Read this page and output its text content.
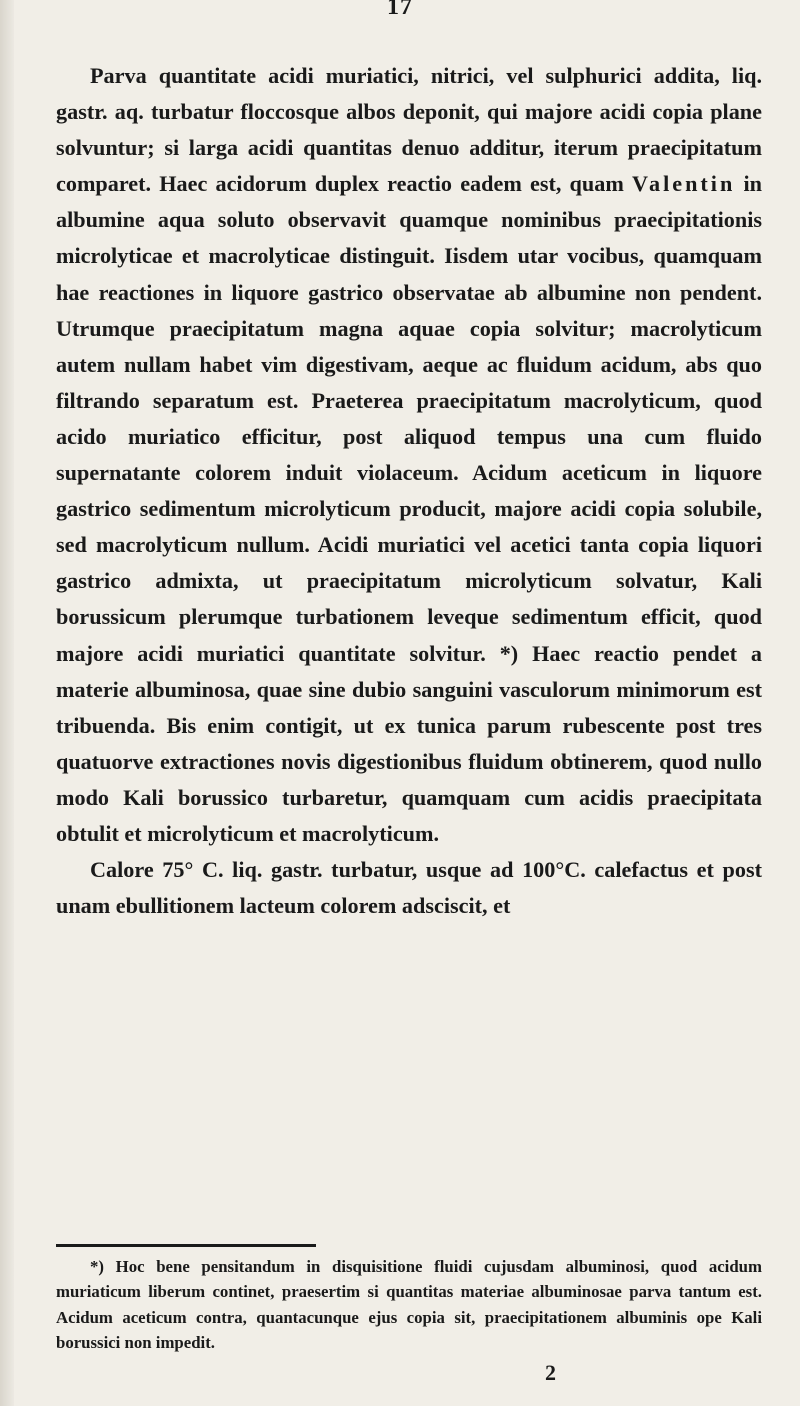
17

Parva quantitate acidi muriatici, nitrici, vel sulphurici addita, liq. gastr. aq. turbatur floccosque albos deponit, qui majore acidi copia plane solvuntur; si larga acidi quantitas denuo additur, iterum praecipitatum comparet. Haec acidorum duplex reactio eadem est, quam Valentin in albumine aqua soluto observavit quamque nominibus praecipitationis microlyticae et macrolyticae distinguit. Iisdem utar vocibus, quamquam hae reactiones in liquore gastrico observatae ab albumine non pendent. Utrumque praecipitatum magna aquae copia solvitur; macrolyticum autem nullam habet vim digestivam, aeque ac fluidum acidum, abs quo filtrando separatum est. Praeterea praecipitatum macrolyticum, quod acido muriatico efficitur, post aliquod tempus una cum fluido supernatante colorem induit violaceum. Acidum aceticum in liquore gastrico sedimentum microlyticum producit, majore acidi copia solubile, sed macrolyticum nullum. Acidi muriatici vel acetici tanta copia liquori gastrico admixta, ut praecipitatum microlyticum solvatur, Kali borussicum plerumque turbationem leveque sedimentum efficit, quod majore acidi muriatici quantitate solvitur. *) Haec reactio pendet a materie albuminosa, quae sine dubio sanguini vasculorum minimorum est tribuenda. Bis enim contigit, ut ex tunica parum rubescente post tres quatuorve extractiones novis digestionibus fluidum obtinerem, quod nullo modo Kali borussico turbaretur, quamquam cum acidis praecipitata obtulit et microlyticum et macrolyticum.

Calore 75° C. liq. gastr. turbatur, usque ad 100°C. calefactus et post unam ebullitionem lacteum colorem adsciscit, et

*) Hoc bene pensitandum in disquisitione fluidi cujusdam albuminosi, quod acidum muriaticum liberum continet, praesertim si quantitas materiae albuminosae parva tantum est. Acidum aceticum contra, quantacunque ejus copia sit, praecipitationem albuminis ope Kali borussici non impedit.

2
